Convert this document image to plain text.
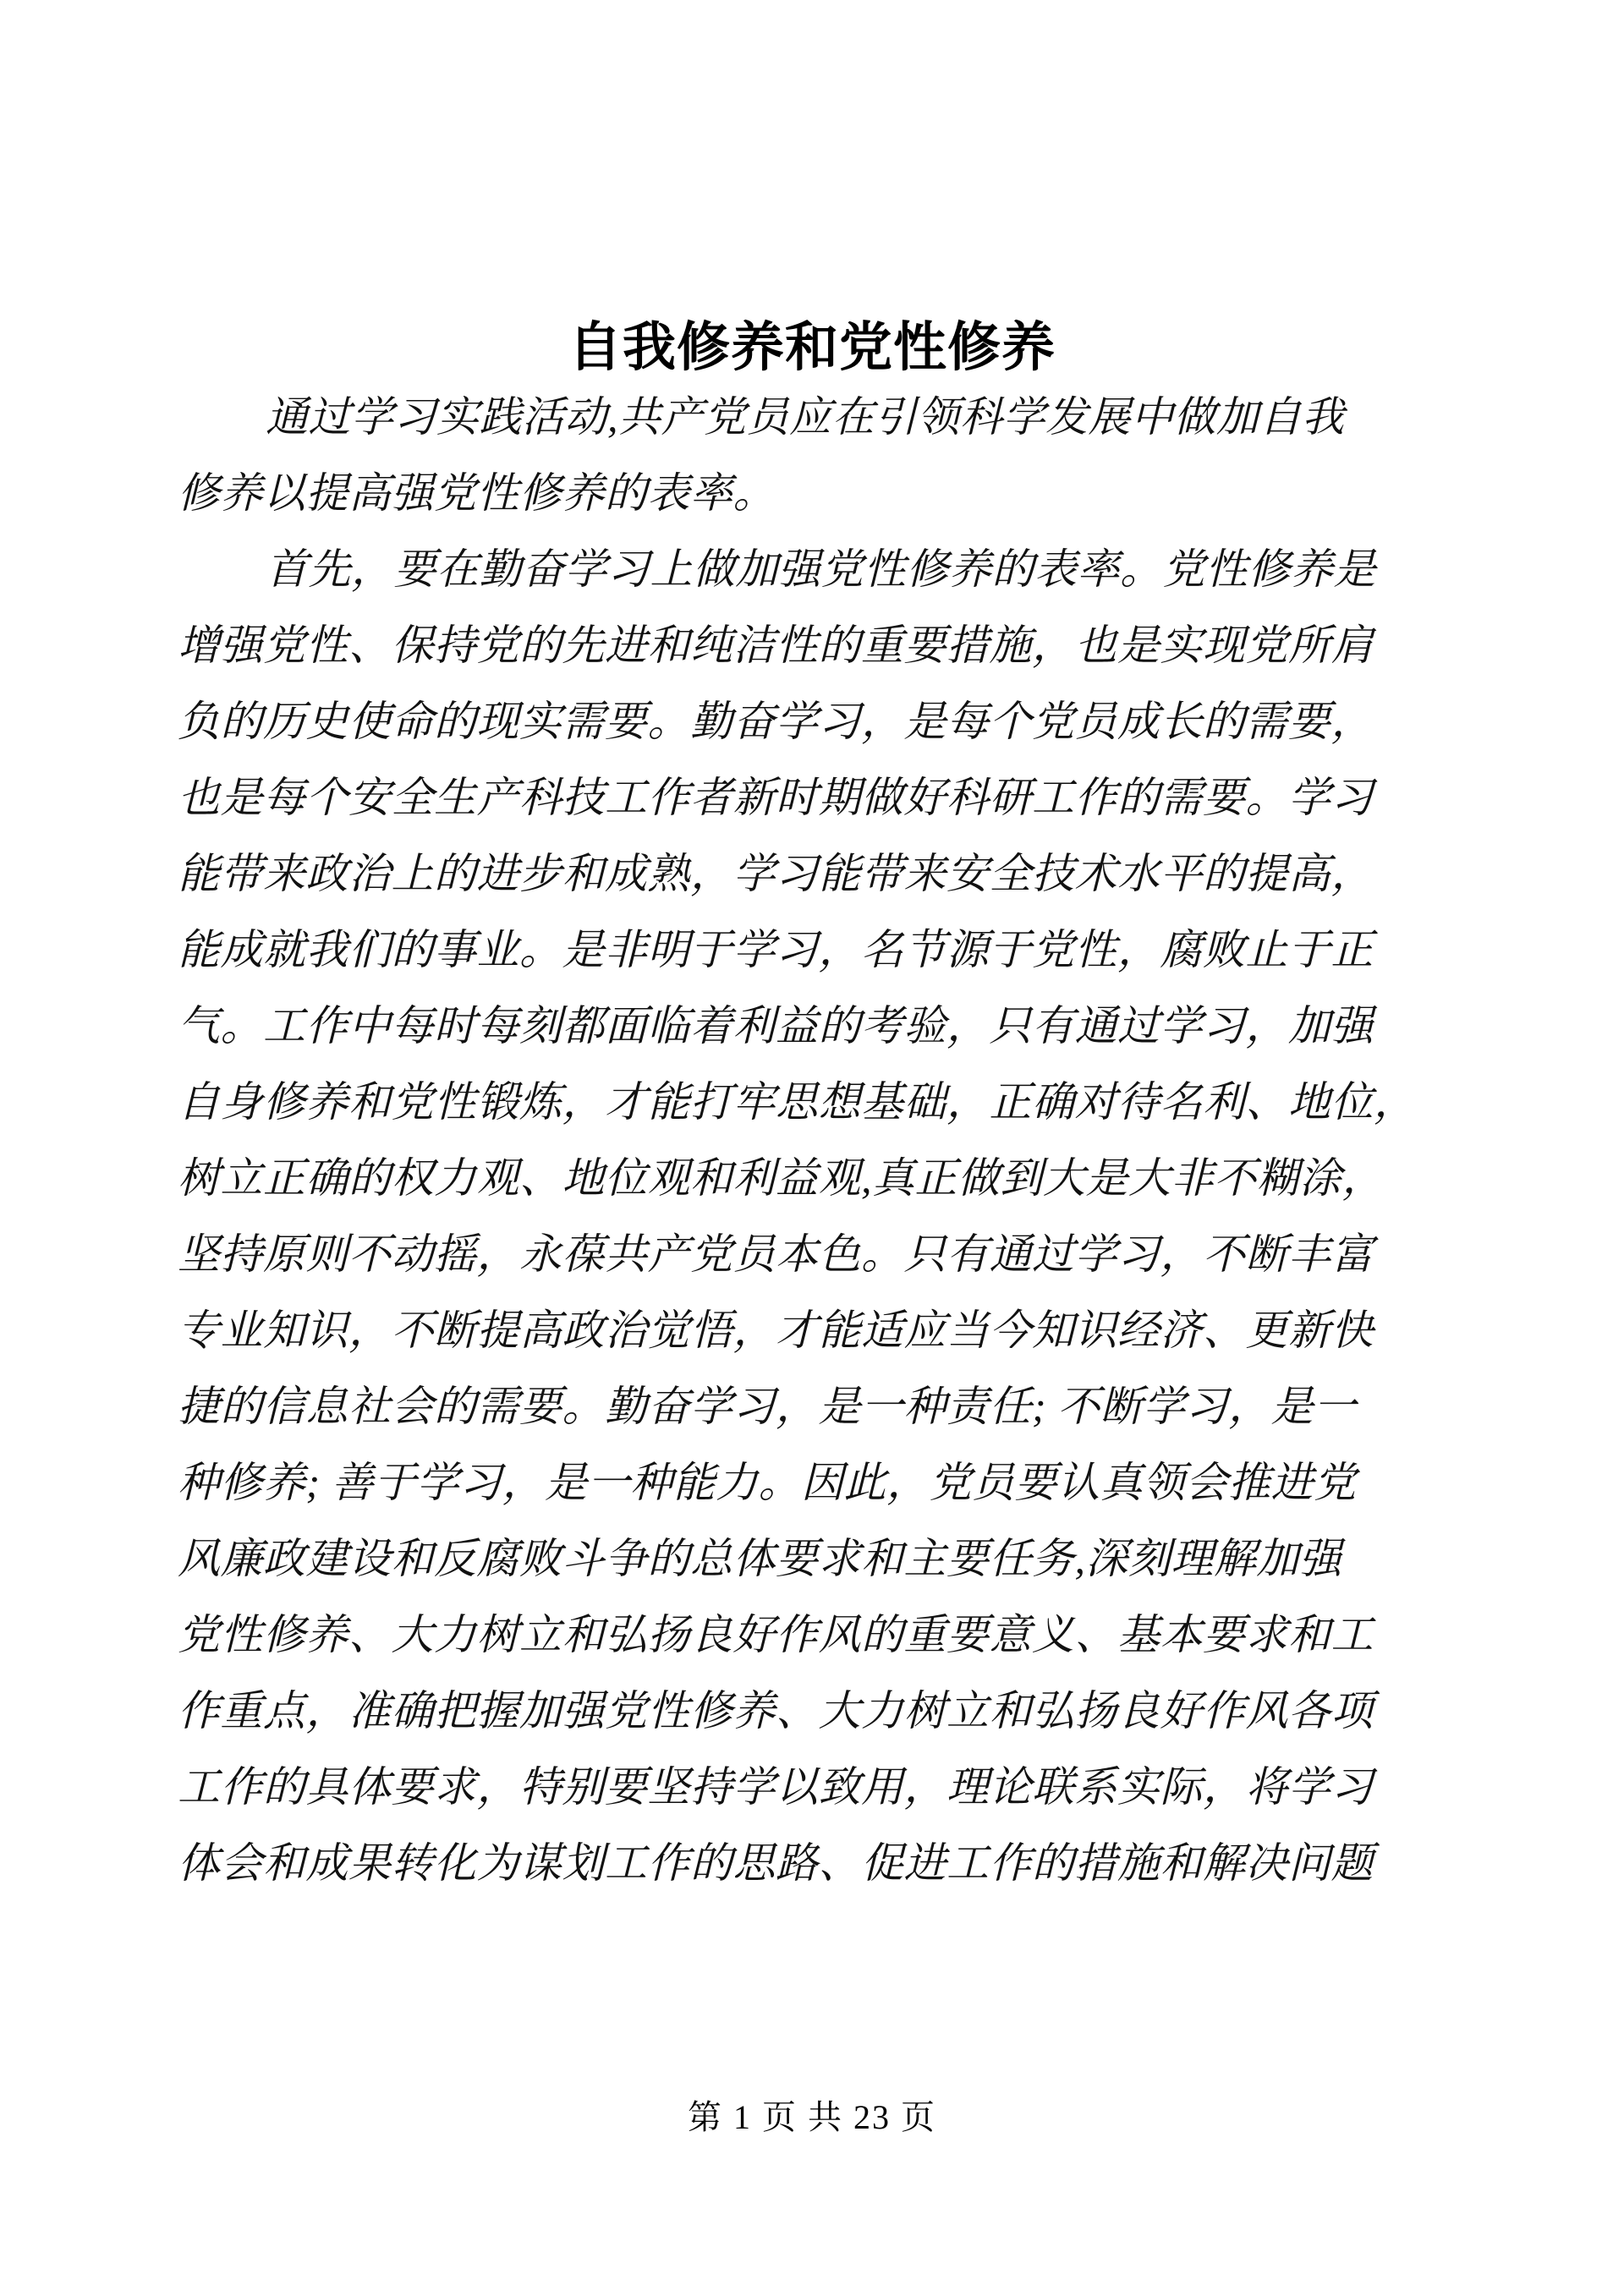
自我修养和党性修养
通过学习实践活动,共产党员应在引领科学发展中做加自我
修养以提高强党性修养的表率。
首先，要在勤奋学习上做加强党性修养的表率。党性修养是
增强党性、保持党的先进和纯洁性的重要措施，也是实现党所肩
负的历史使命的现实需要。勤奋学习，是每个党员成长的需要，
也是每个安全生产科技工作者新时期做好科研工作的需要。学习
能带来政治上的进步和成熟，学习能带来安全技术水平的提高，
能成就我们的事业。是非明于学习，名节源于党性，腐败止于正
气。工作中每时每刻都面临着利益的考验，只有通过学习，加强
自身修养和党性锻炼，才能打牢思想基础，正确对待名利、地位，
树立正确的权力观、地位观和利益观,真正做到大是大非不糊涂，
坚持原则不动摇，永葆共产党员本色。只有通过学习，不断丰富
专业知识，不断提高政治觉悟，才能适应当今知识经济、更新快
捷的信息社会的需要。勤奋学习，是一种责任; 不断学习，是一
种修养; 善于学习，是一种能力。因此，党员要认真领会推进党
风廉政建设和反腐败斗争的总体要求和主要任务,深刻理解加强
党性修养、大力树立和弘扬良好作风的重要意义、基本要求和工
作重点，准确把握加强党性修养、大力树立和弘扬良好作风各项
工作的具体要求，特别要坚持学以致用，理论联系实际，将学习
体会和成果转化为谋划工作的思路、促进工作的措施和解决问题
第 1 页 共 23 页
